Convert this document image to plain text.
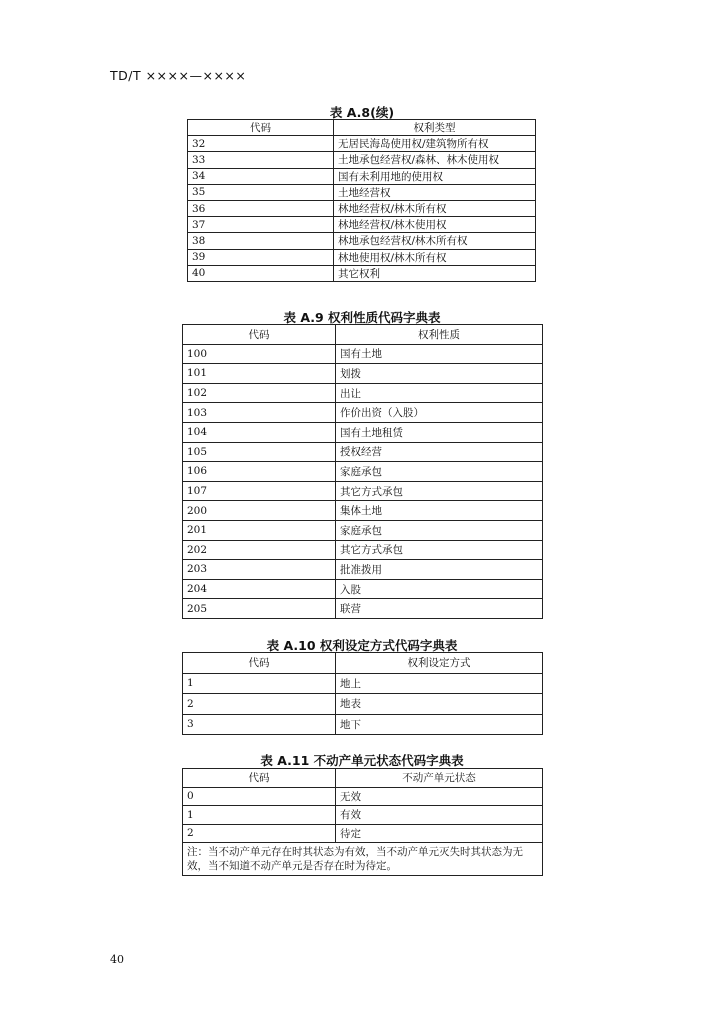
TD/T ××××—××××
表 A.8(续)
代码	权利类型
32	无居民海岛使用权/建筑物所有权
33	土地承包经营权/森林、林木使用权
34	国有未利用地的使用权
35	土地经营权
36	林地经营权/林木所有权
37	林地经营权/林木使用权
38	林地承包经营权/林木所有权
39	林地使用权/林木所有权
40	其它权利
表 A.9 权利性质代码字典表
代码	权利性质
100	国有土地
101	划拨
102	出让
103	作价出资（入股）
104	国有土地租赁
105	授权经营
106	家庭承包
107	其它方式承包
200	集体土地
201	家庭承包
202	其它方式承包
203	批准拨用
204	入股
205	联营
表 A.10 权利设定方式代码字典表
代码	权利设定方式
1	地上
2	地表
3	地下
表 A.11 不动产单元状态代码字典表
代码	不动产单元状态
0	无效
1	有效
2	待定
注：当不动产单元存在时其状态为有效，当不动产单元灭失时其状态为无效，当不知道不动产单元是否存在时为待定。	
40
